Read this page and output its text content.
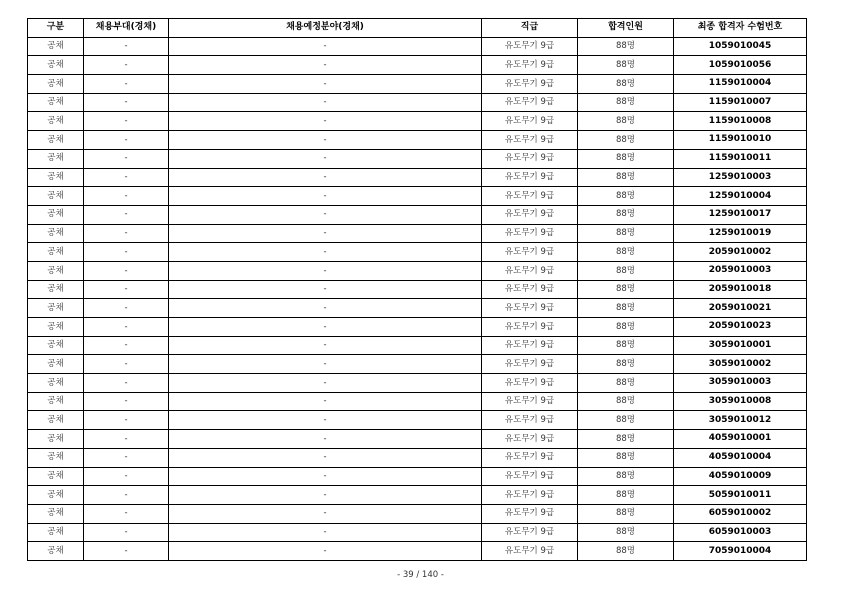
구분	채용부대(경채)	채용예정분야(경채)	직급	합격인원	최종 합격자 수험번호
공채	-	-	유도무기 9급	88명	1059010045
공채	-	-	유도무기 9급	88명	1059010056
공채	-	-	유도무기 9급	88명	1159010004
공채	-	-	유도무기 9급	88명	1159010007
공채	-	-	유도무기 9급	88명	1159010008
공채	-	-	유도무기 9급	88명	1159010010
공채	-	-	유도무기 9급	88명	1159010011
공채	-	-	유도무기 9급	88명	1259010003
공채	-	-	유도무기 9급	88명	1259010004
공채	-	-	유도무기 9급	88명	1259010017
공채	-	-	유도무기 9급	88명	1259010019
공채	-	-	유도무기 9급	88명	2059010002
공채	-	-	유도무기 9급	88명	2059010003
공채	-	-	유도무기 9급	88명	2059010018
공채	-	-	유도무기 9급	88명	2059010021
공채	-	-	유도무기 9급	88명	2059010023
공채	-	-	유도무기 9급	88명	3059010001
공채	-	-	유도무기 9급	88명	3059010002
공채	-	-	유도무기 9급	88명	3059010003
공채	-	-	유도무기 9급	88명	3059010008
공채	-	-	유도무기 9급	88명	3059010012
공채	-	-	유도무기 9급	88명	4059010001
공채	-	-	유도무기 9급	88명	4059010004
공채	-	-	유도무기 9급	88명	4059010009
공채	-	-	유도무기 9급	88명	5059010011
공채	-	-	유도무기 9급	88명	6059010002
공채	-	-	유도무기 9급	88명	6059010003
공채	-	-	유도무기 9급	88명	7059010004
- 39 / 140 -
